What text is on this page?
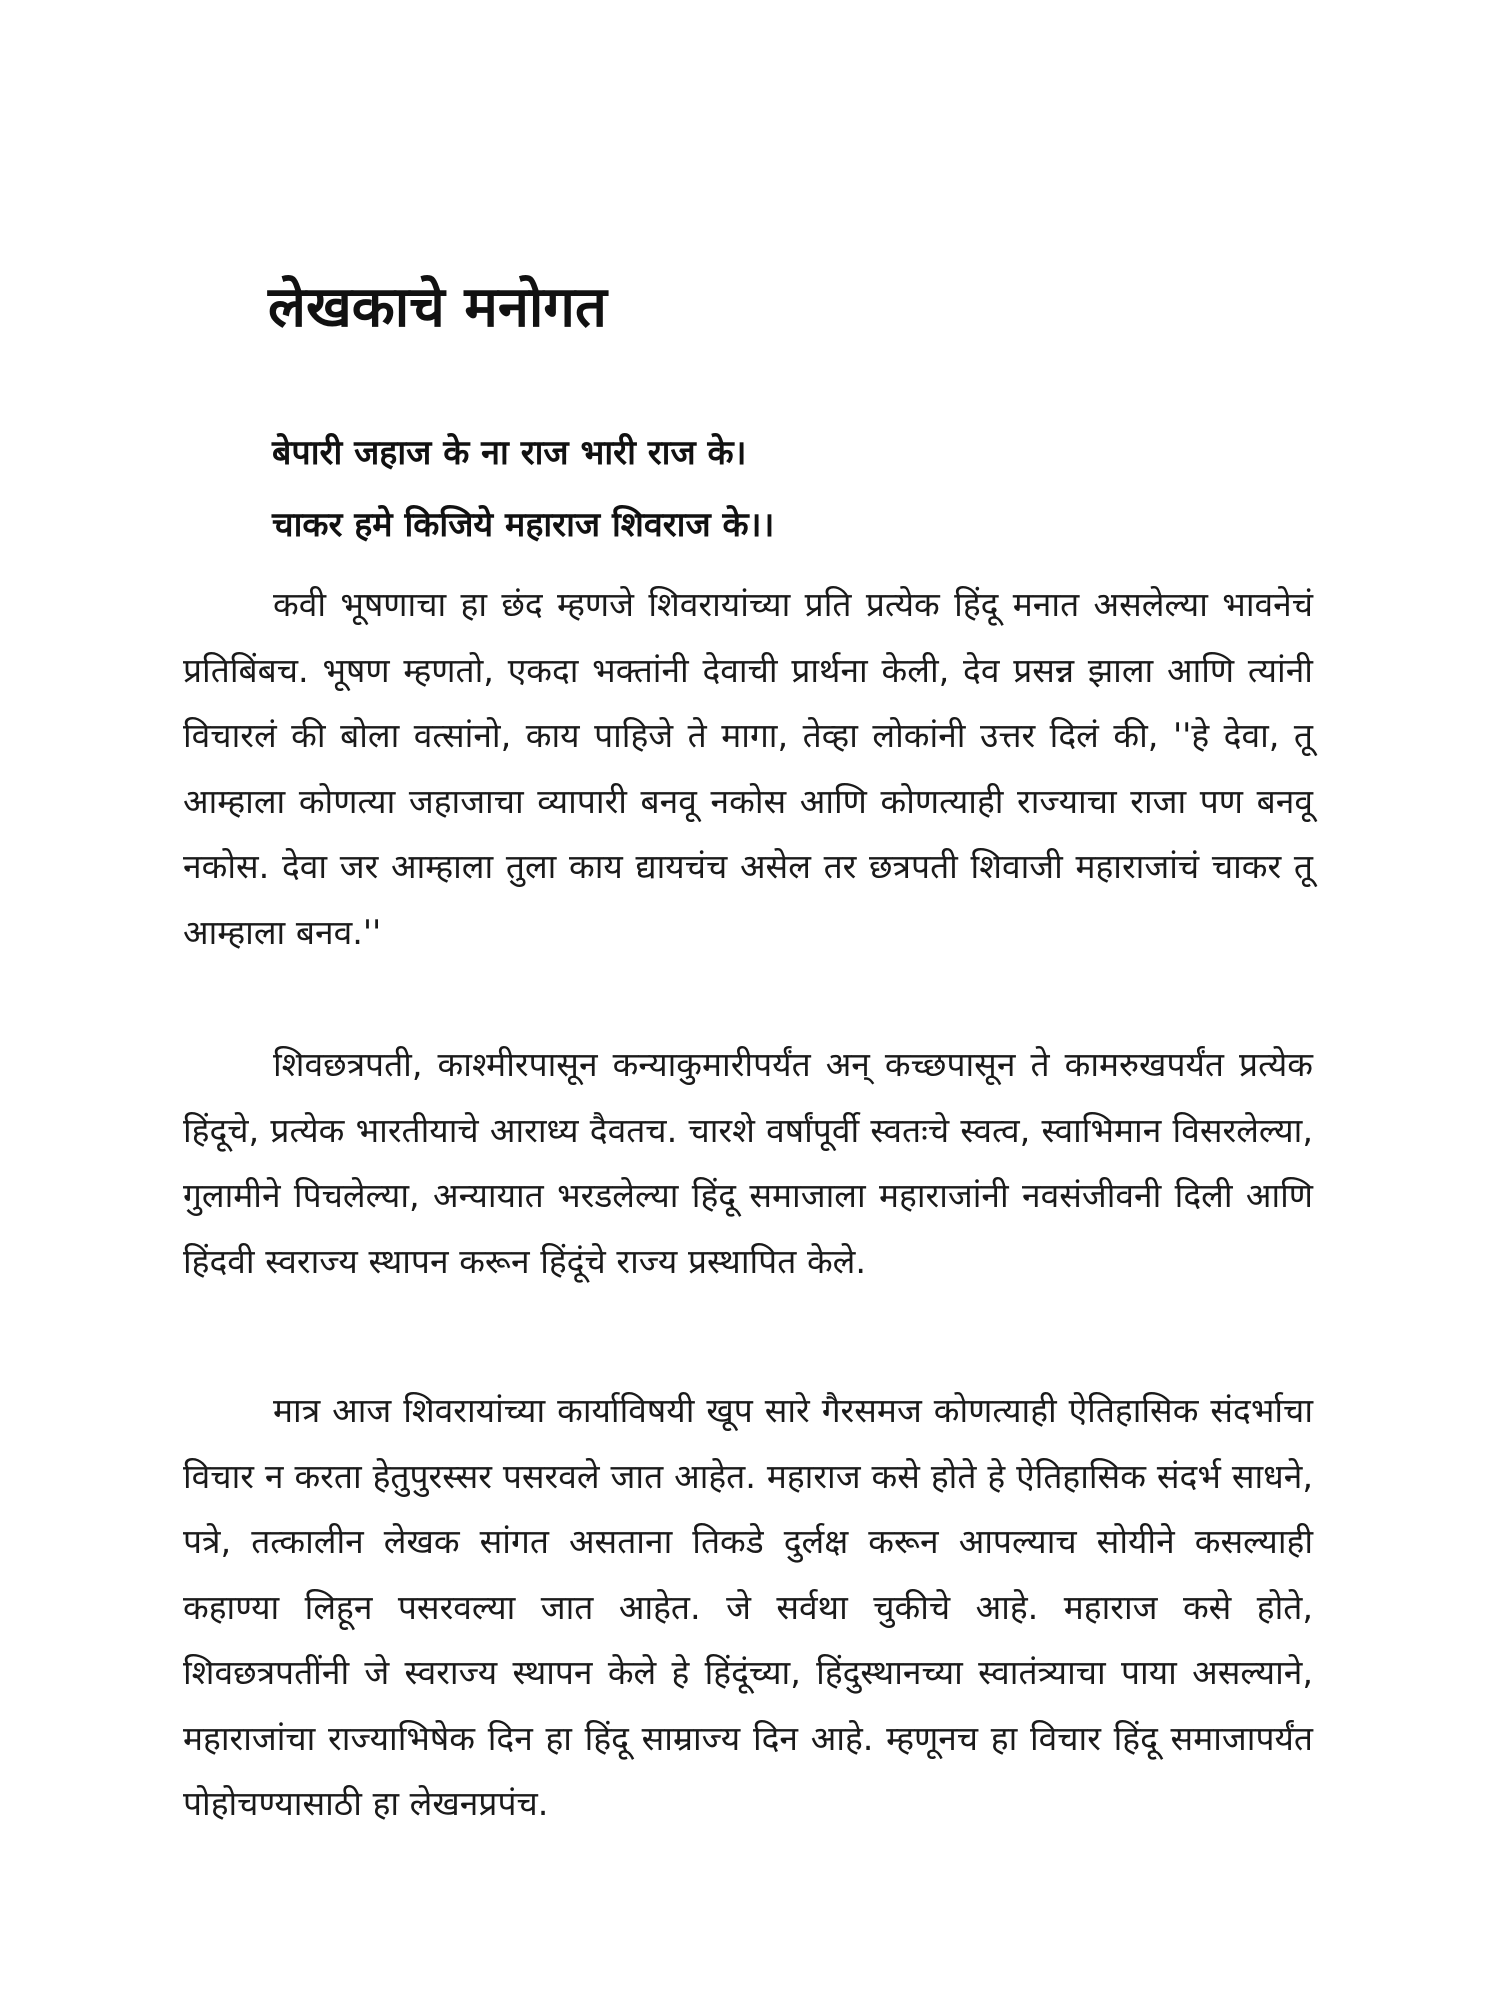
लेखकाचे मनोगत

बेपारी जहाज के ना राज भारी राज के।

चाकर हमे किजिये महाराज शिवराज के।।

कवी भूषणाचा हा छंद म्हणजे शिवरायांच्या प्रति प्रत्येक हिंदू मनात असलेल्या भावनेचं प्रतिबिंबच. भूषण म्हणतो, एकदा भक्तांनी देवाची प्रार्थना केली, देव प्रसन्न झाला आणि त्यांनी विचारलं की बोला वत्सांनो, काय पाहिजे ते मागा, तेव्हा लोकांनी उत्तर दिलं की, ''हे देवा, तू आम्हाला कोणत्या जहाजाचा व्यापारी बनवू नकोस आणि कोणत्याही राज्याचा राजा पण बनवू नकोस. देवा जर आम्हाला तुला काय द्यायचंच असेल तर छत्रपती शिवाजी महाराजांचं चाकर तू आम्हाला बनव.''

शिवछत्रपती, काश्मीरपासून कन्याकुमारीपर्यंत अन् कच्छपासून ते कामरुखपर्यंत प्रत्येक हिंदूचे, प्रत्येक भारतीयाचे आराध्य दैवतच. चारशे वर्षांपूर्वी स्वतःचे स्वत्व, स्वाभिमान विसरलेल्या, गुलामीने पिचलेल्या, अन्यायात भरडलेल्या हिंदू समाजाला महाराजांनी नवसंजीवनी दिली आणि हिंदवी स्वराज्य स्थापन करून हिंदूंचे राज्य प्रस्थापित केले.

मात्र आज शिवरायांच्या कार्याविषयी खूप सारे गैरसमज कोणत्याही ऐतिहासिक संदर्भाचा विचार न करता हेतुपुरस्सर पसरवले जात आहेत. महाराज कसे होते हे ऐतिहासिक संदर्भ साधने, पत्रे, तत्कालीन लेखक सांगत असताना तिकडे दुर्लक्ष करून आपल्याच सोयीने कसल्याही कहाण्या लिहून पसरवल्या जात आहेत. जे सर्वथा चुकीचे आहे. महाराज कसे होते, शिवछत्रपतींनी जे स्वराज्य स्थापन केले हे हिंदूंच्या, हिंदुस्थानच्या स्वातंत्र्याचा पाया असल्याने, महाराजांचा राज्याभिषेक दिन हा हिंदू साम्राज्य दिन आहे. म्हणूनच हा विचार हिंदू समाजापर्यंत पोहोचण्यासाठी हा लेखनप्रपंच.
